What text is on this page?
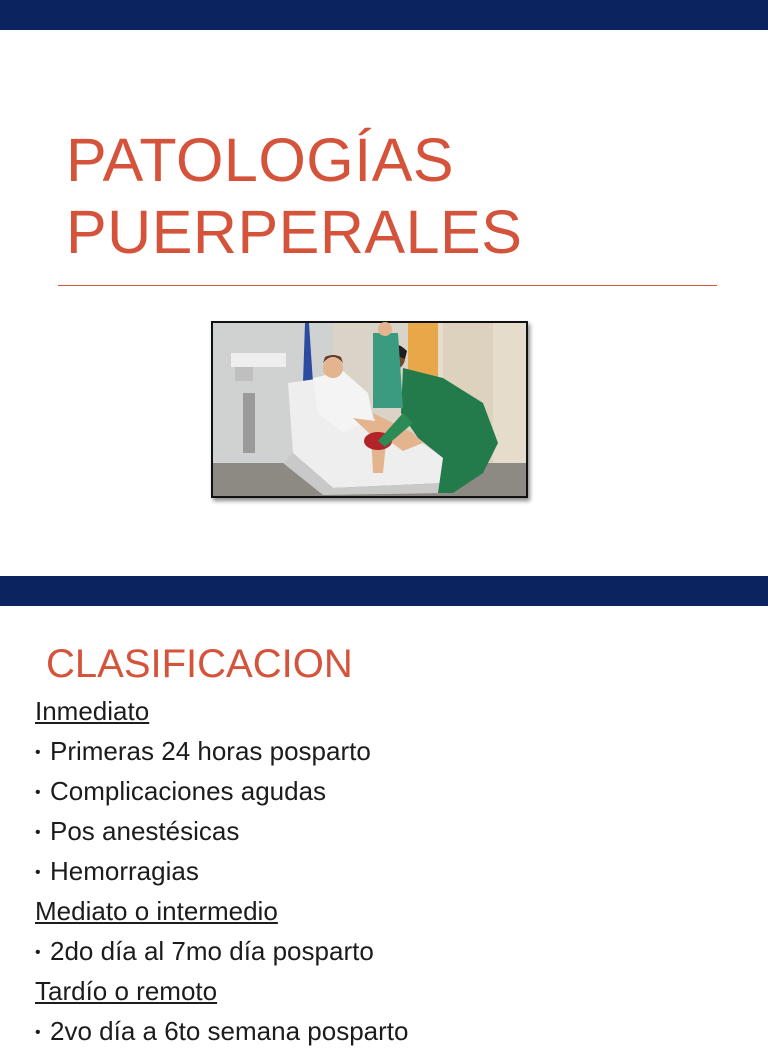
PATOLOGÍAS
PUERPERALES
CLASIFICACION
Inmediato
• Primeras 24 horas posparto
• Complicaciones agudas
• Pos anestésicas
• Hemorragias
Mediato o intermedio
• 2do día al 7mo día posparto
Tardío o remoto
• 2vo día a 6to semana posparto
